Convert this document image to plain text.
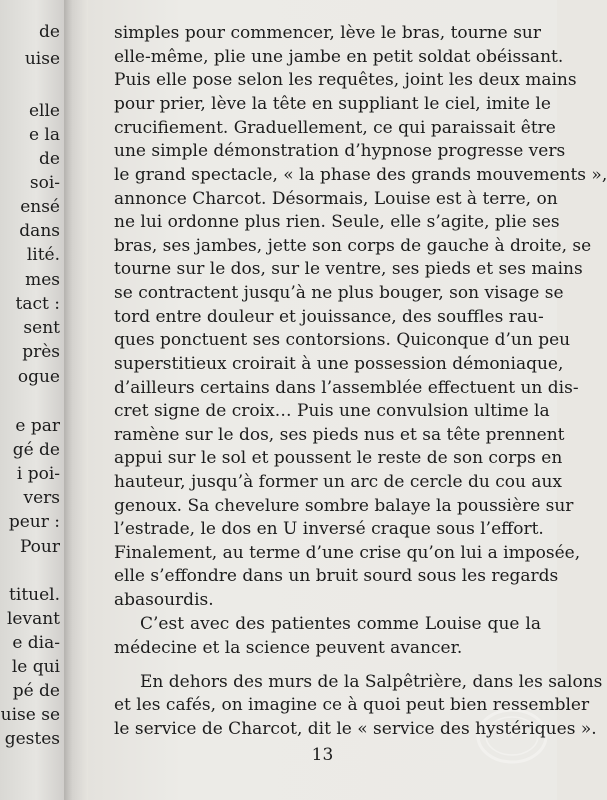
de
uise
elle
e la
de
soi-
ensé
dans
lité.
mes
tact :
sent
près
ogue
e par
gé de
i poi-
vers
peur :
Pour
tituel.
levant
e dia-
le qui
pé de
uise se
gestes
13
simples pour commencer, lève le bras, tourne sur
elle-même, plie une jambe en petit soldat obéissant.
Puis elle pose selon les requêtes, joint les deux mains
pour prier, lève la tête en suppliant le ciel, imite le
crucifiement. Graduellement, ce qui paraissait être
une simple démonstration d’hypnose progresse vers
le grand spectacle, « la phase des grands mouvements »,
annonce Charcot. Désormais, Louise est à terre, on
ne lui ordonne plus rien. Seule, elle s’agite, plie ses
bras, ses jambes, jette son corps de gauche à droite, se
tourne sur le dos, sur le ventre, ses pieds et ses mains
se contractent jusqu’à ne plus bouger, son visage se
tord entre douleur et jouissance, des souffles rau-
ques ponctuent ses contorsions. Quiconque d’un peu
superstitieux croirait à une possession démoniaque,
d’ailleurs certains dans l’assemblée effectuent un dis-
cret signe de croix… Puis une convulsion ultime la
ramène sur le dos, ses pieds nus et sa tête prennent
appui sur le sol et poussent le reste de son corps en
hauteur, jusqu’à former un arc de cercle du cou aux
genoux. Sa chevelure sombre balaye la poussière sur
l’estrade, le dos en U inversé craque sous l’effort.
Finalement, au terme d’une crise qu’on lui a imposée,
elle s’effondre dans un bruit sourd sous les regards
abasourdis.
C’est avec des patientes comme Louise que la
médecine et la science peuvent avancer.
En dehors des murs de la Salpêtrière, dans les salons
et les cafés, on imagine ce à quoi peut bien ressembler
le service de Charcot, dit le « service des hystériques ».
